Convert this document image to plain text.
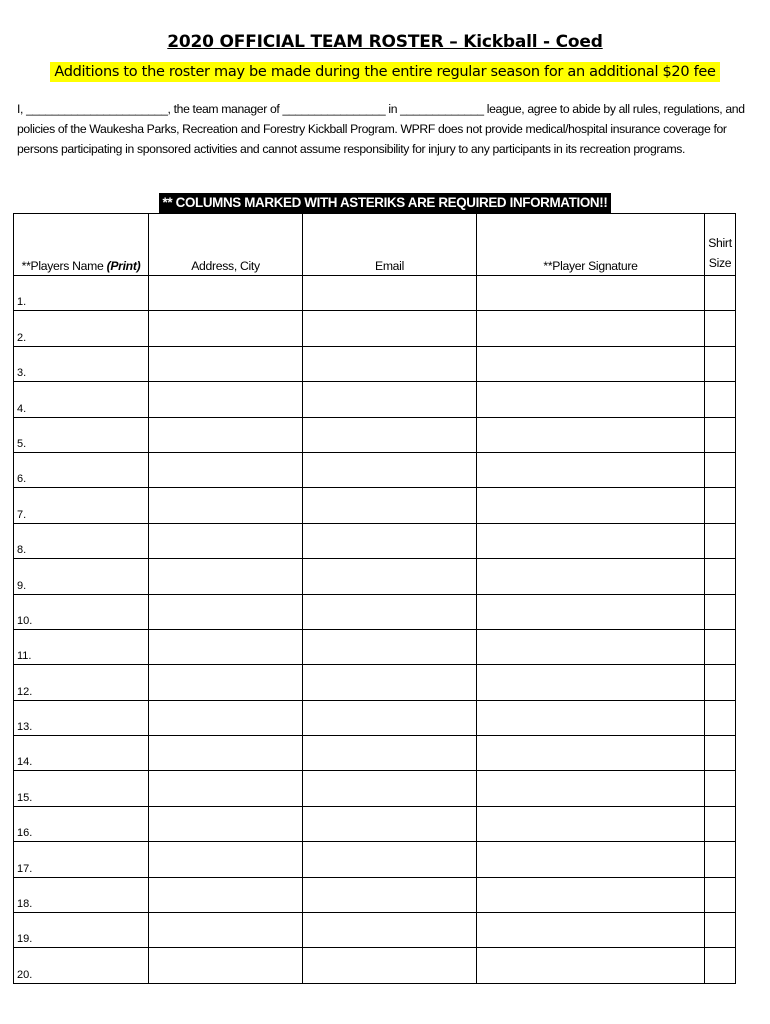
2020 OFFICIAL TEAM ROSTER – Kickball - Coed
Additions to the roster may be made during the entire regular season for an additional $20 fee
I, ______________________, the team manager of ________________ in _____________ league, agree to abide by all rules, regulations, and policies of the Waukesha Parks, Recreation and Forestry Kickball Program. WPRF does not provide medical/hospital insurance coverage for persons participating in sponsored activities and cannot assume responsibility for injury to any participants in its recreation programs.
** COLUMNS MARKED WITH ASTERIKS ARE REQUIRED INFORMATION!!
**Players Name (Print)	Address, City	Email	**Player Signature	Shirt
Size
1.				
2.				
3.				
4.				
5.				
6.				
7.				
8.				
9.				
10.				
11.				
12.				
13.				
14.				
15.				
16.				
17.				
18.				
19.				
20.				
